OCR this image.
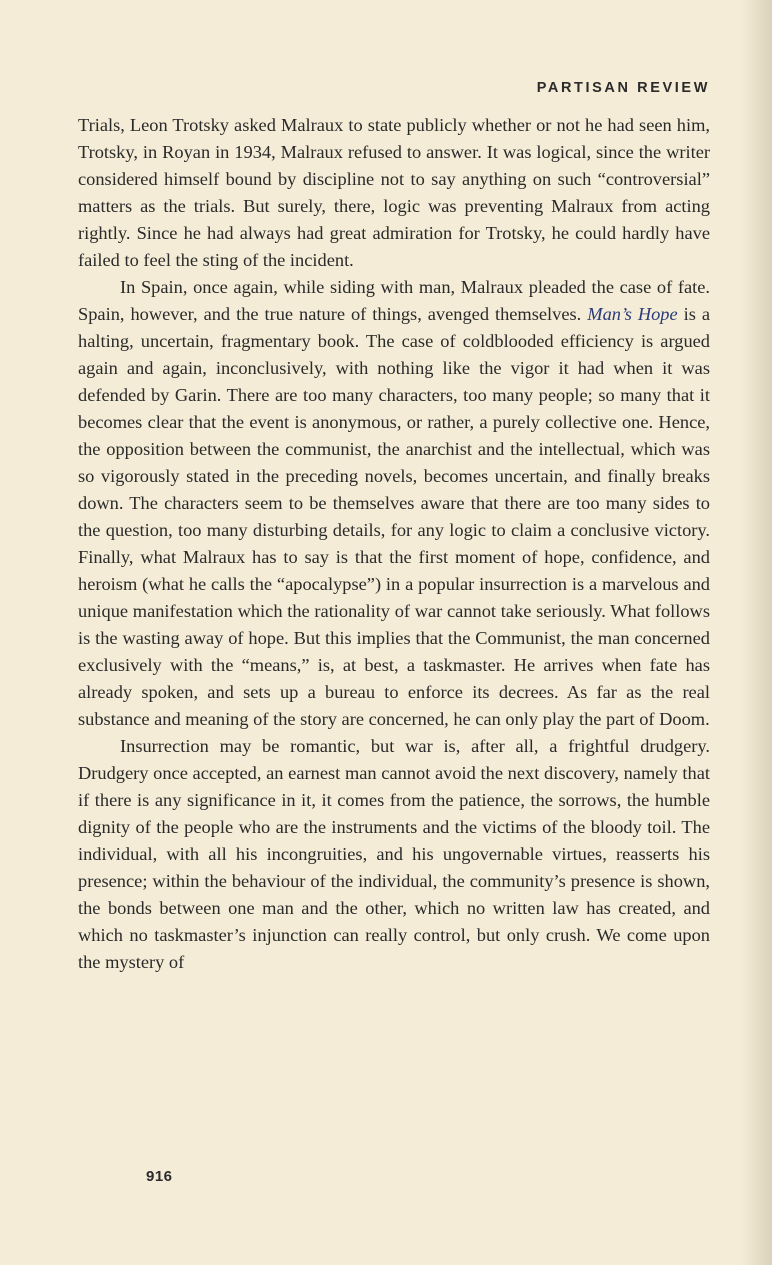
PARTISAN REVIEW

Trials, Leon Trotsky asked Malraux to state publicly whether or not he had seen him, Trotsky, in Royan in 1934, Malraux refused to answer. It was logical, since the writer considered himself bound by discipline not to say anything on such “controversial” matters as the trials. But surely, there, logic was preventing Malraux from acting rightly. Since he had always had great admiration for Trotsky, he could hardly have failed to feel the sting of the incident.

In Spain, once again, while siding with man, Malraux pleaded the case of fate. Spain, however, and the true nature of things, avenged themselves. Man’s Hope is a halting, uncertain, fragmentary book. The case of coldblooded efficiency is argued again and again, inconclusively, with nothing like the vigor it had when it was defended by Garin. There are too many characters, too many people; so many that it becomes clear that the event is anonymous, or rather, a purely collective one. Hence, the opposition between the communist, the anarchist and the intellectual, which was so vigorously stated in the preceding novels, becomes uncertain, and finally breaks down. The characters seem to be themselves aware that there are too many sides to the question, too many disturbing details, for any logic to claim a conclusive victory. Finally, what Malraux has to say is that the first moment of hope, confidence, and heroism (what he calls the “apocalypse”) in a popular insurrection is a marvelous and unique manifestation which the rationality of war cannot take seriously. What follows is the wasting away of hope. But this implies that the Communist, the man concerned exclusively with the “means,” is, at best, a taskmaster. He arrives when fate has already spoken, and sets up a bureau to enforce its decrees. As far as the real substance and meaning of the story are concerned, he can only play the part of Doom.

Insurrection may be romantic, but war is, after all, a frightful drudgery. Drudgery once accepted, an earnest man cannot avoid the next discovery, namely that if there is any significance in it, it comes from the patience, the sorrows, the humble dignity of the people who are the instruments and the victims of the bloody toil. The individual, with all his incongruities, and his ungovernable virtues, reasserts his presence; within the behaviour of the individual, the community’s presence is shown, the bonds between one man and the other, which no written law has created, and which no taskmaster’s injunction can really control, but only crush. We come upon the mystery of

916
